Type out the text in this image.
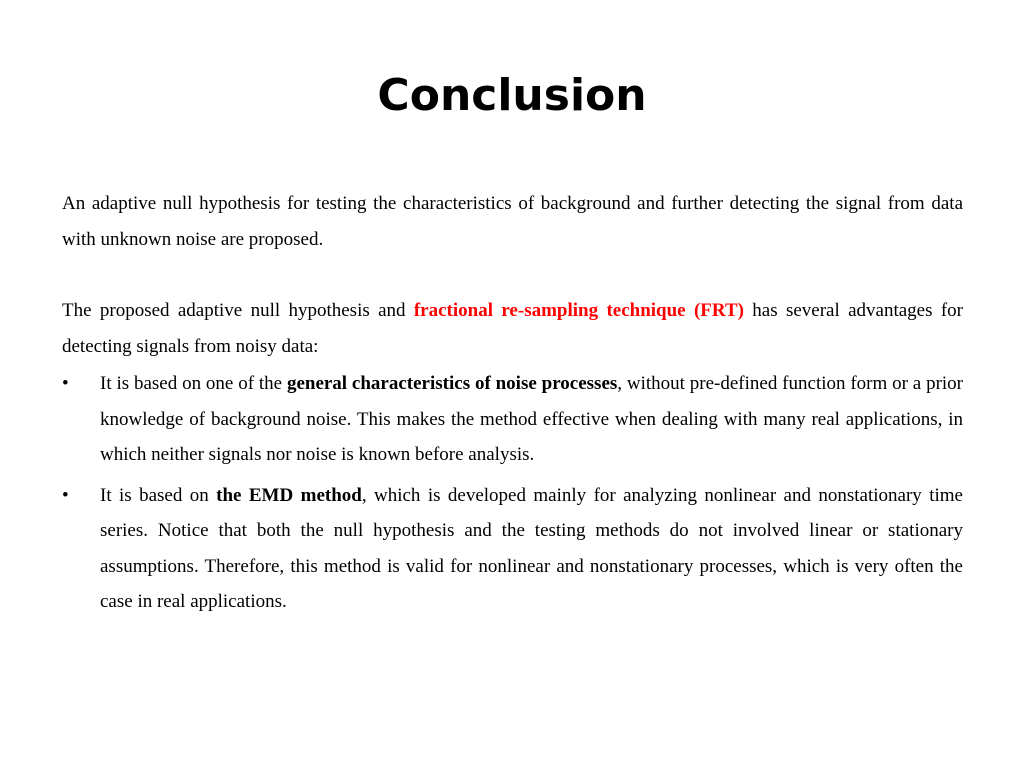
Conclusion

An adaptive null hypothesis for testing the characteristics of background and further detecting the signal from data with unknown noise are proposed.

The proposed adaptive null hypothesis and fractional re-sampling technique (FRT) has several advantages for detecting signals from noisy data:

•	It is based on one of the general characteristics of noise processes, without pre-defined function form or a prior knowledge of background noise. This makes the method effective when dealing with many real applications, in which neither signals nor noise is known before analysis.
•	It is based on the EMD method, which is developed mainly for analyzing nonlinear and nonstationary time series. Notice that both the null hypothesis and the testing methods do not involved linear or stationary assumptions. Therefore, this method is valid for nonlinear and nonstationary processes, which is very often the case in real applications.
